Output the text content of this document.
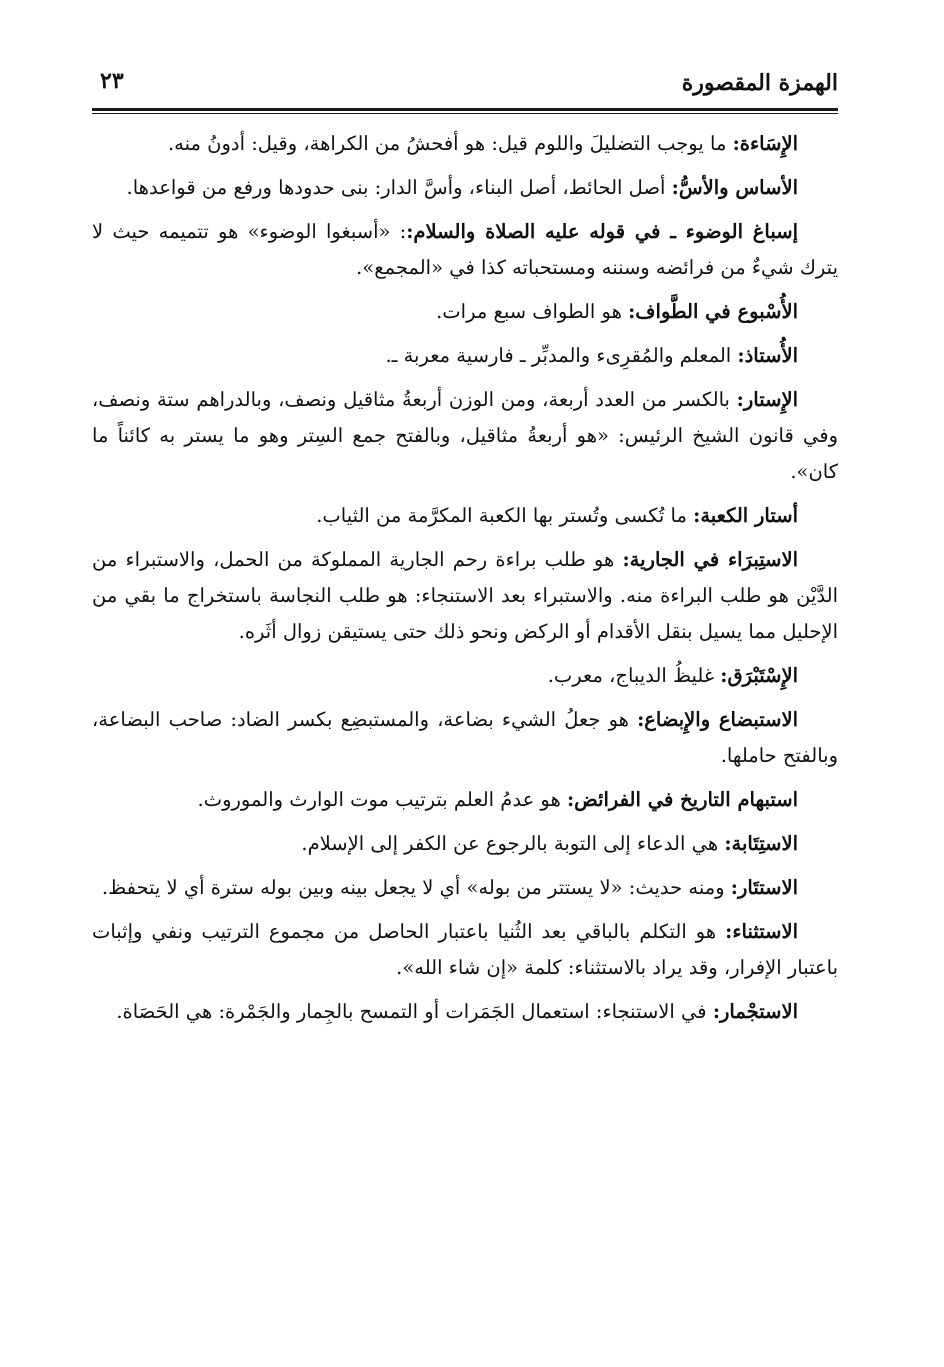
الهمزة المقصورة
٢٣

الإِسَاءة: ما يوجب التضليلَ واللوم قيل: هو أفحشُ من الكراهة، وقيل: أدونُ منه.

الأساس والأسُّ: أصل الحائط، أصل البناء، وأسَّ الدار: بنى حدودها ورفع من قواعدها.

إسباغ الوضوء ـ في قوله عليه الصلاة والسلام:: «أسبغوا الوضوء» هو تتميمه حيث لا يترك شيءٌ من فرائضه وسننه ومستحباته كذا في «المجمع».

الأُسْبوع في الطَّواف: هو الطواف سبع مرات.

الأُستاذ: المعلم والمُقرِىء والمدبِّر ـ فارسية معربة ـ.

الإِستار: بالكسر من العدد أربعة، ومن الوزن أربعةُ مثاقيل ونصف، وبالدراهم ستة ونصف، وفي قانون الشيخ الرئيس: «هو أربعةُ مثاقيل، وبالفتح جمع السِتر وهو ما يستر به كائناً ما كان».

أستار الكعبة: ما تُكسى وتُستر بها الكعبة المكرَّمة من الثياب.

الاستِبرَاء في الجارية: هو طلب براءة رحم الجارية المملوكة من الحمل، والاستبراء من الدَّيْن هو طلب البراءة منه. والاستبراء بعد الاستنجاء: هو طلب النجاسة باستخراج ما بقي من الإحليل مما يسيل بنقل الأقدام أو الركض ونحو ذلك حتى يستيقن زوال أثَره.

الإِسْتَبْرَق: غليظُ الديباج، معرب.

الاستبضاع والإِبضاع: هو جعلُ الشيء بضاعة، والمستبضِع بكسر الضاد: صاحب البضاعة، وبالفتح حاملها.

استبهام التاريخ في الفرائض: هو عدمُ العلم بترتيب موت الوارث والموروث.

الاستِتَابة: هي الدعاء إلى التوبة بالرجوع عن الكفر إلى الإسلام.

الاستتَار: ومنه حديث: «لا يستتر من بوله» أي لا يجعل بينه وبين بوله سترة أي لا يتحفظ.

الاستثناء: هو التكلم بالباقي بعد الثُنيا باعتبار الحاصل من مجموع الترتيب ونفي وإثبات باعتبار الإفرار، وقد يراد بالاستثناء: كلمة «إن شاء الله».

الاستجْمار: في الاستنجاء: استعمال الجَمَرات أو التمسح بالجِمار والجَمْرة: هي الحَصَاة.
